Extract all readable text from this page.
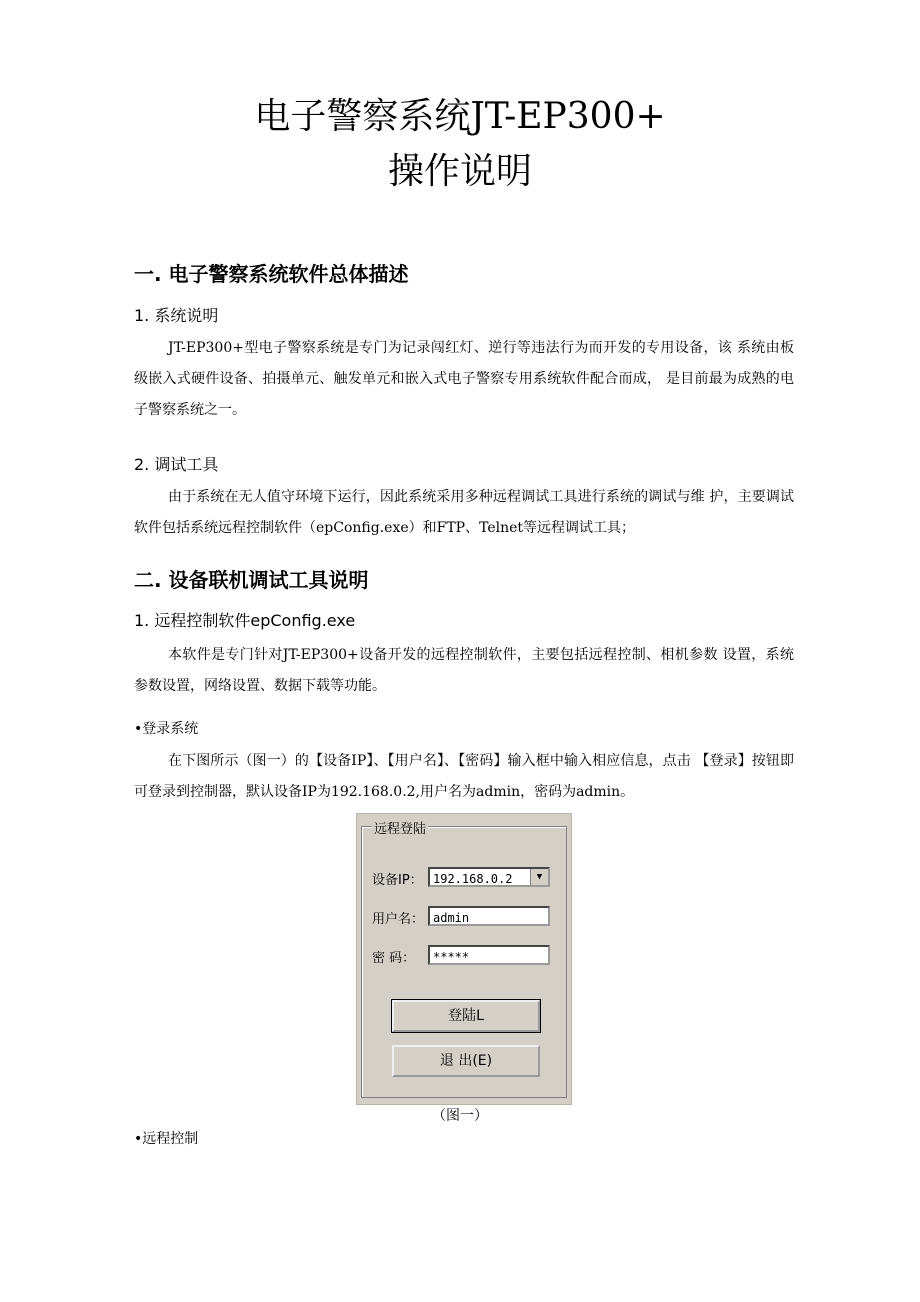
电子警察系统JT-EP300+
操作说明
一. 电子警察系统软件总体描述
1. 系统说明
JT-EP300+型电子警察系统是专门为记录闯红灯、逆行等违法行为而开发的专用设备，该 系统由板级嵌入式硬件设备、拍摄单元、触发单元和嵌入式电子警察专用系统软件配合而成， 是目前最为成熟的电子警察系统之一。
2. 调试工具
由于系统在无人值守环境下运行，因此系统采用多种远程调试工具进行系统的调试与维 护，主要调试软件包括系统远程控制软件（epConfig.exe）和FTP、Telnet等远程调试工具；
二. 设备联机调试工具说明
1. 远程控制软件epConfig.exe
本软件是专门针对JT-EP300+设备开发的远程控制软件，主要包括远程控制、相机参数 设置，系统参数设置，网络设置、数据下载等功能。
•登录系统
在下图所示（图一）的【设备IP】、【用户名】、【密码】输入框中输入相应信息，点击 【登录】按钮即可登录到控制器，默认设备IP为192.168.0.2,用户名为admin，密码为admin。
远程登陆
设备IP： 192.168.0.2	▼
用户名： admin
密 码：	*****
登陆L
退 出(E)
（图一）
•远程控制
